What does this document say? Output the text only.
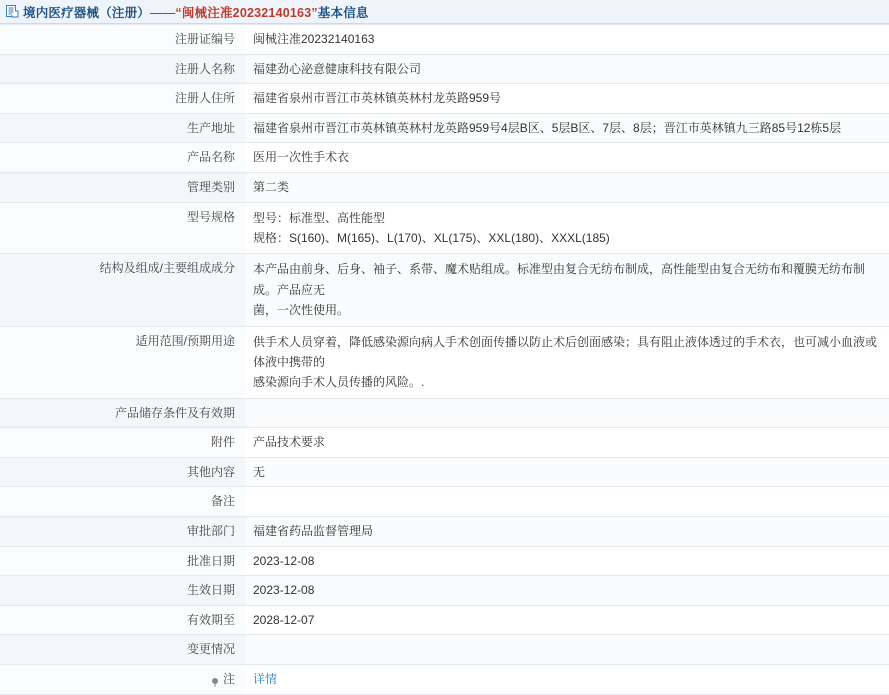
境内医疗器械（注册）——“闽械注准20232140163”基本信息
注册证编号	闽械注准20232140163
注册人名称	福建劲心泌意健康科技有限公司
注册人住所	福建省泉州市晋江市英林镇英林村龙英路959号
生产地址	福建省泉州市晋江市英林镇英林村龙英路959号4层B区、5层B区、7层、8层；晋江市英林镇九三路85号12栋5层
产品名称	医用一次性手术衣
管理类别	第二类
型号规格	型号：标准型、高性能型
规格：S(160)、M(165)、L(170)、XL(175)、XXL(180)、XXXL(185)

结构及组成/主要组成成分	本产品由前身、后身、袖子、系带、魔术贴组成。标准型由复合无纺布制成，高性能型由复合无纺布和覆膜无纺布制成。产品应无
菌，一次性使用。

适用范围/预期用途	供手术人员穿着，降低感染源向病人手术创面传播以防止术后创面感染；具有阻止液体透过的手术衣，也可减小血液或体液中携带的
感染源向手术人员传播的风险。.

产品储存条件及有效期	
附件	产品技术要求
其他内容	无
备注	
审批部门	福建省药品监督管理局
批准日期	2023-12-08
生效日期	2023-12-08
有效期至	2028-12-07
变更情况	

注	详情
